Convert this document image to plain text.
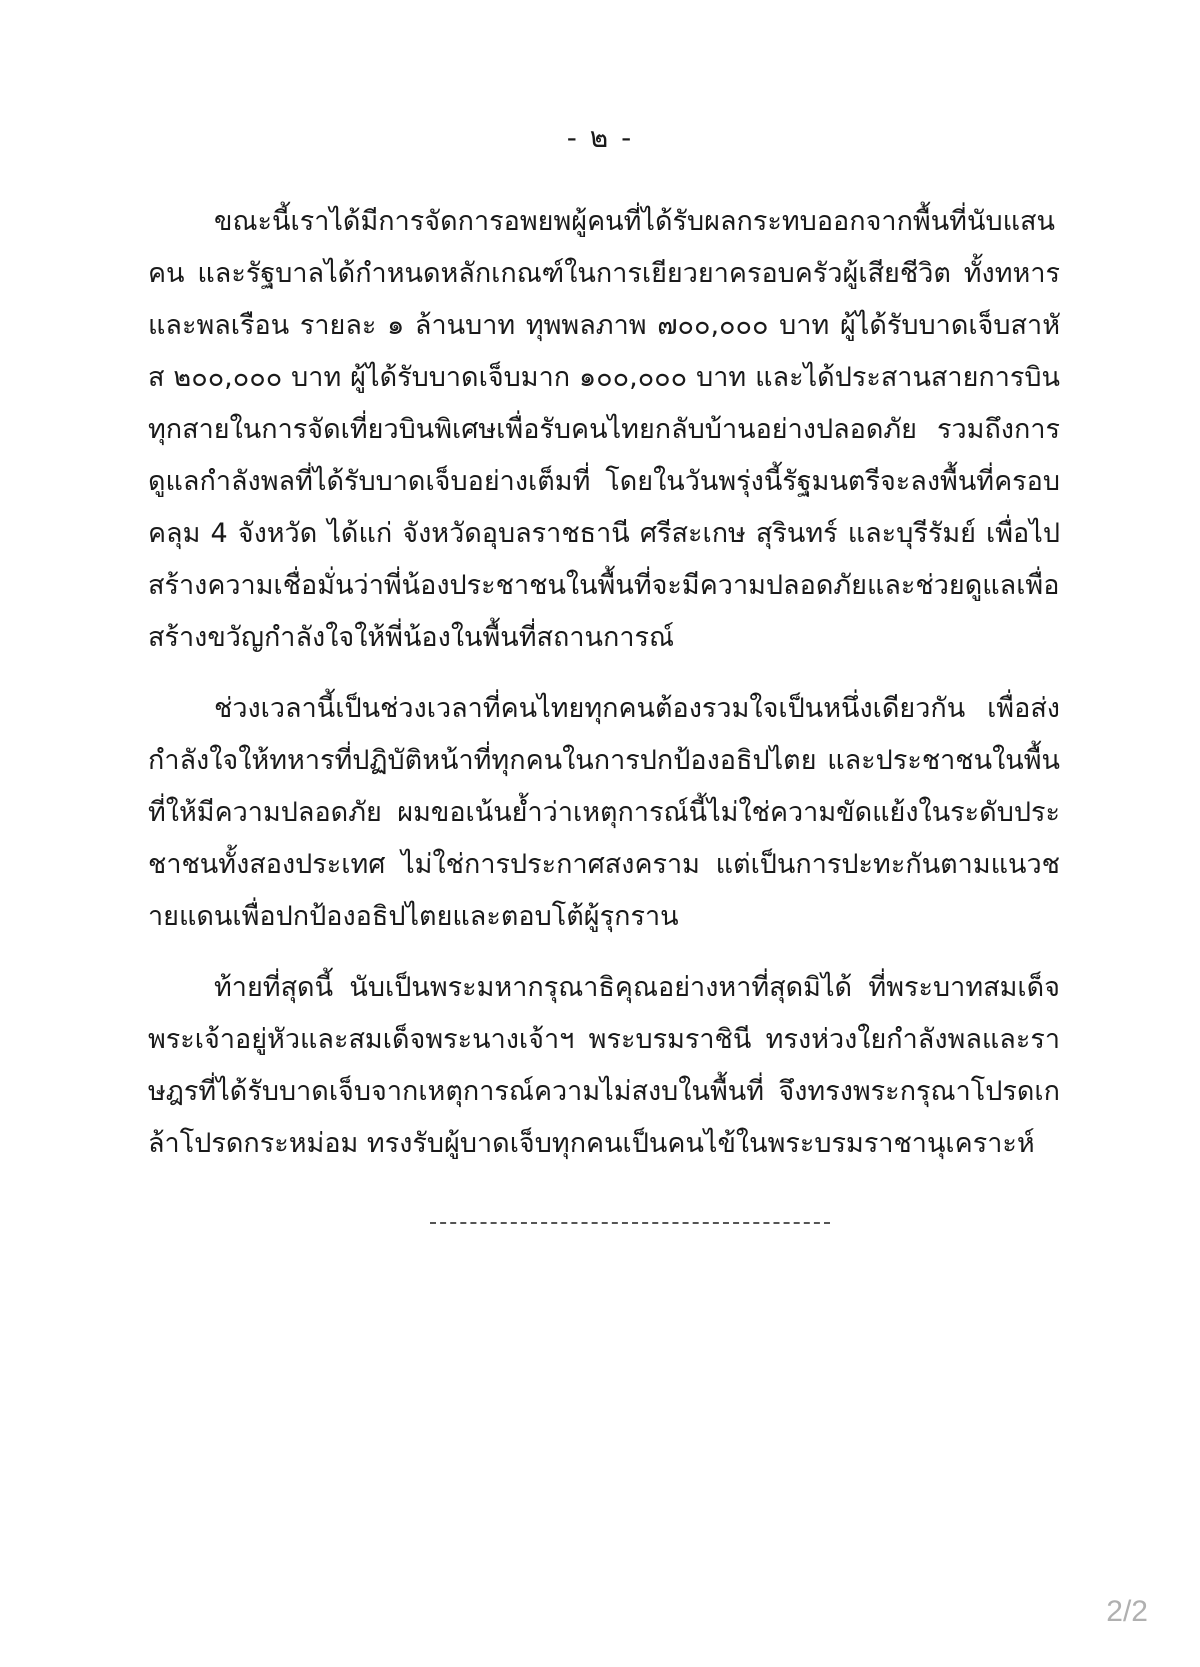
- ๒ -

ขณะนี้เราได้มีการจัดการอพยพผู้คนที่ได้รับผลกระทบออกจากพื้นที่นับแสนคน และรัฐบาลได้กำหนดหลักเกณฑ์ในการเยียวยาครอบครัวผู้เสียชีวิต ทั้งทหารและพลเรือน รายละ ๑ ล้านบาท ทุพพลภาพ ๗๐๐,๐๐๐ บาท ผู้ได้รับบาดเจ็บสาหัส ๒๐๐,๐๐๐ บาท ผู้ได้รับบาดเจ็บมาก ๑๐๐,๐๐๐ บาท และได้ประสานสายการบินทุกสายในการจัดเที่ยวบินพิเศษเพื่อรับคนไทยกลับบ้านอย่างปลอดภัย รวมถึงการดูแลกำลังพลที่ได้รับบาดเจ็บอย่างเต็มที่ โดยในวันพรุ่งนี้รัฐมนตรีจะลงพื้นที่ครอบคลุม 4 จังหวัด ได้แก่ จังหวัดอุบลราชธานี ศรีสะเกษ สุรินทร์ และบุรีรัมย์ เพื่อไปสร้างความเชื่อมั่นว่าพี่น้องประชาชนในพื้นที่จะมีความปลอดภัยและช่วยดูแลเพื่อสร้างขวัญกำลังใจให้พี่น้องในพื้นที่สถานการณ์

ช่วงเวลานี้เป็นช่วงเวลาที่คนไทยทุกคนต้องรวมใจเป็นหนึ่งเดียวกัน เพื่อส่งกำลังใจให้ทหารที่ปฏิบัติหน้าที่ทุกคนในการปกป้องอธิปไตย และประชาชนในพื้นที่ให้มีความปลอดภัย ผมขอเน้นย้ำว่าเหตุการณ์นี้ไม่ใช่ความขัดแย้งในระดับประชาชนทั้งสองประเทศ ไม่ใช่การประกาศสงคราม แต่เป็นการปะทะกันตามแนวชายแดนเพื่อปกป้องอธิปไตยและตอบโต้ผู้รุกราน

ท้ายที่สุดนี้ นับเป็นพระมหากรุณาธิคุณอย่างหาที่สุดมิได้ ที่พระบาทสมเด็จพระเจ้าอยู่หัวและสมเด็จพระนางเจ้าฯ พระบรมราชินี ทรงห่วงใยกำลังพลและราษฎรที่ได้รับบาดเจ็บจากเหตุการณ์ความไม่สงบในพื้นที่ จึงทรงพระกรุณาโปรดเกล้าโปรดกระหม่อม ทรงรับผู้บาดเจ็บทุกคนเป็นคนไข้ในพระบรมราชานุเคราะห์

2/2
